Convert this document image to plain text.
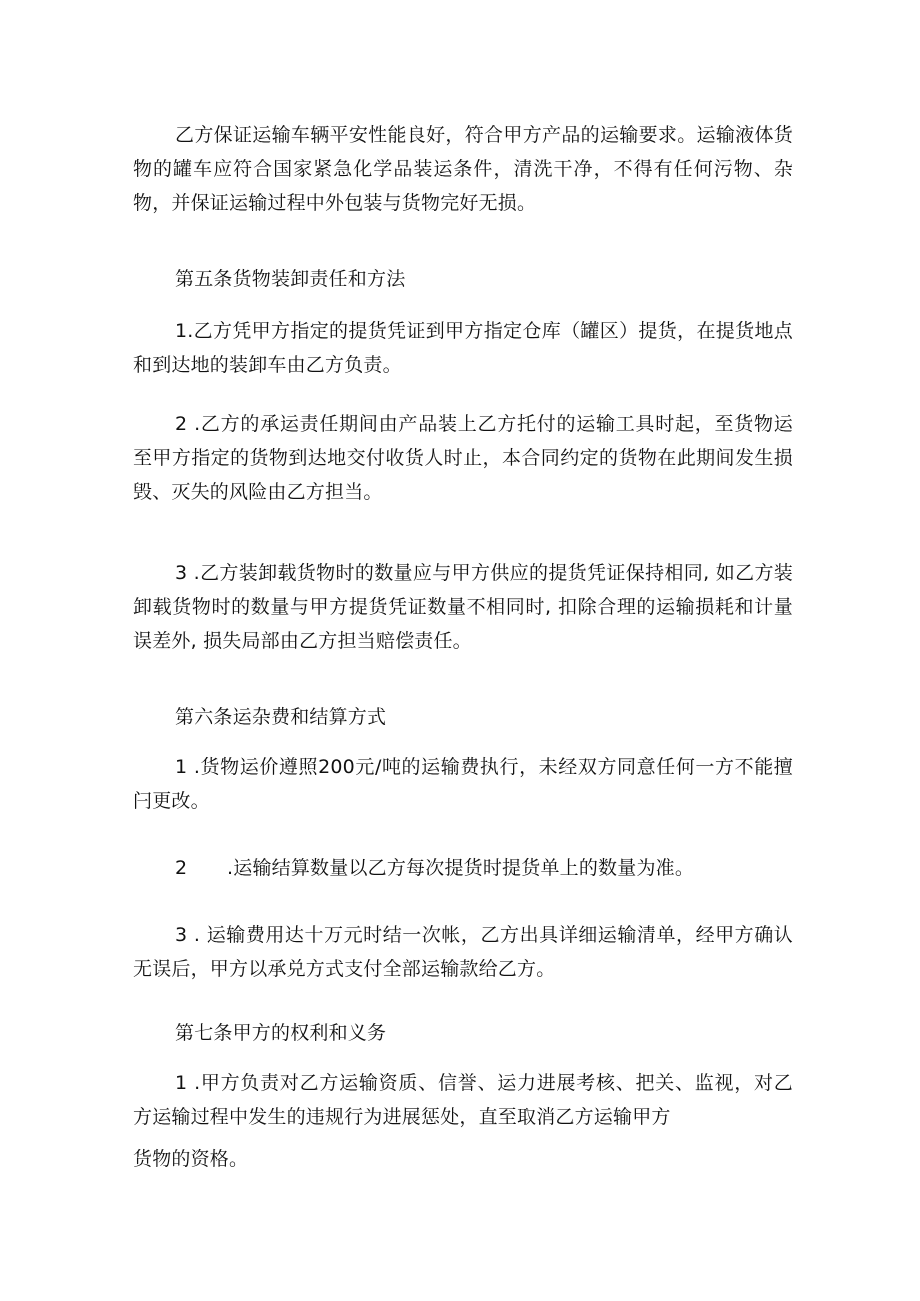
乙方保证运输车辆平安性能良好，符合甲方产品的运输要求。运输液体货物的罐车应符合国家紧急化学品装运条件，清洗干净，不得有任何污物、杂物，并保证运输过程中外包装与货物完好无损。

第五条货物装卸责任和方法

1.乙方凭甲方指定的提货凭证到甲方指定仓库（罐区）提货，在提货地点和到达地的装卸车由乙方负责。

2 .乙方的承运责任期间由产品装上乙方托付的运输工具时起，至货物运至甲方指定的货物到达地交付收货人时止，本合同约定的货物在此期间发生损毁、灭失的风险由乙方担当。

3 .乙方装卸载货物时的数量应与甲方供应的提货凭证保持相同, 如乙方装卸载货物时的数量与甲方提货凭证数量不相同时, 扣除合理的运输损耗和计量误差外, 损失局部由乙方担当赔偿责任。

第六条运杂费和结算方式

1 .货物运价遵照200元/吨的运输费执行，未经双方同意任何一方不能擅闩更改。

2 .运输结算数量以乙方每次提货时提货单上的数量为准。

3 . 运输费用达十万元时结一次帐，乙方出具详细运输清单，经甲方确认无误后，甲方以承兑方式支付全部运输款给乙方。

第七条甲方的权利和义务

1 .甲方负责对乙方运输资质、信誉、运力进展考核、把关、监视，对乙方运输过程中发生的违规行为进展惩处，直至取消乙方运输甲方

货物的资格。
